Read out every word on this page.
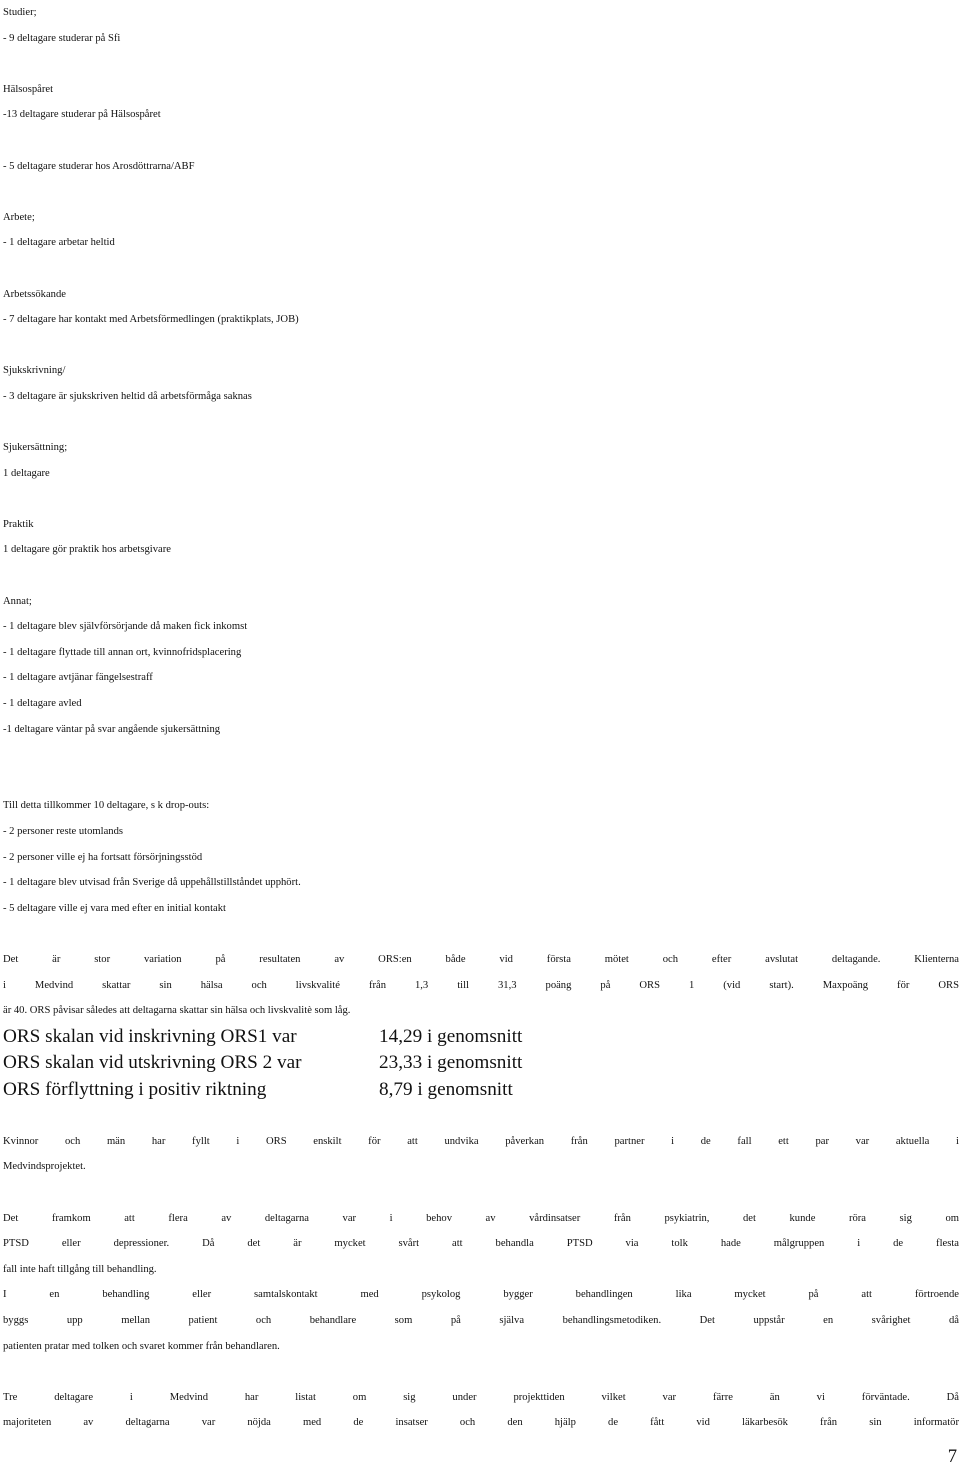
Studier;
- 9 deltagare studerar på Sfi
Hälsospåret
-13 deltagare studerar på Hälsospåret
- 5 deltagare studerar hos Arosdöttrarna/ABF
Arbete;
- 1 deltagare arbetar heltid
Arbetssökande
- 7 deltagare har kontakt med Arbetsförmedlingen (praktikplats, JOB)
Sjukskrivning/
- 3 deltagare är sjukskriven heltid då arbetsförmåga saknas
Sjukersättning;
1 deltagare
Praktik
1 deltagare gör praktik hos arbetsgivare
Annat;
- 1 deltagare blev självförsörjande då maken fick inkomst
- 1 deltagare flyttade till annan ort, kvinnofridsplacering
- 1 deltagare avtjänar fängelsestraff
- 1 deltagare avled
-1 deltagare väntar på svar angående sjukersättning
Till detta tillkommer 10 deltagare, s k drop-outs:
- 2 personer reste utomlands
- 2 personer ville ej ha fortsatt försörjningsstöd
- 1 deltagare blev utvisad från Sverige då uppehållstillståndet upphört.
- 5 deltagare ville ej vara med efter en initial kontakt
Det är stor variation på resultaten av ORS:en både vid första mötet och efter avslutat deltagande. Klienterna
i Medvind skattar sin hälsa och livskvalité från 1,3 till 31,3 poäng på ORS 1 (vid start). Maxpoäng för ORS
är 40. ORS påvisar således att deltagarna skattar sin hälsa och livskvalitè som låg.
ORS skalan vid inskrivning ORS1 var	14,29 i genomsnitt
ORS skalan vid utskrivning ORS 2 var	23,33 i genomsnitt
ORS förflyttning i positiv riktning	8,79 i genomsnitt
Kvinnor och män har fyllt i ORS enskilt för att undvika påverkan från partner i de fall ett par var aktuella i
Medvindsprojektet.
Det framkom att flera av deltagarna var i behov av vårdinsatser från psykiatrin, det kunde röra sig om
PTSD eller depressioner. Då det är mycket svårt att behandla PTSD via tolk hade målgruppen i de flesta
fall inte haft tillgång till behandling.
I en behandling eller samtalskontakt med psykolog bygger behandlingen lika mycket på att förtroende
byggs upp mellan patient och behandlare som på själva behandlingsmetodiken. Det uppstår en svårighet då
patienten pratar med tolken och svaret kommer från behandlaren.
Tre deltagare i Medvind har listat om sig under projekttiden vilket var färre än vi förväntade. Då
majoriteten av deltagarna var nöjda med de insatser och den hjälp de fått vid läkarbesök från sin informatör
7
